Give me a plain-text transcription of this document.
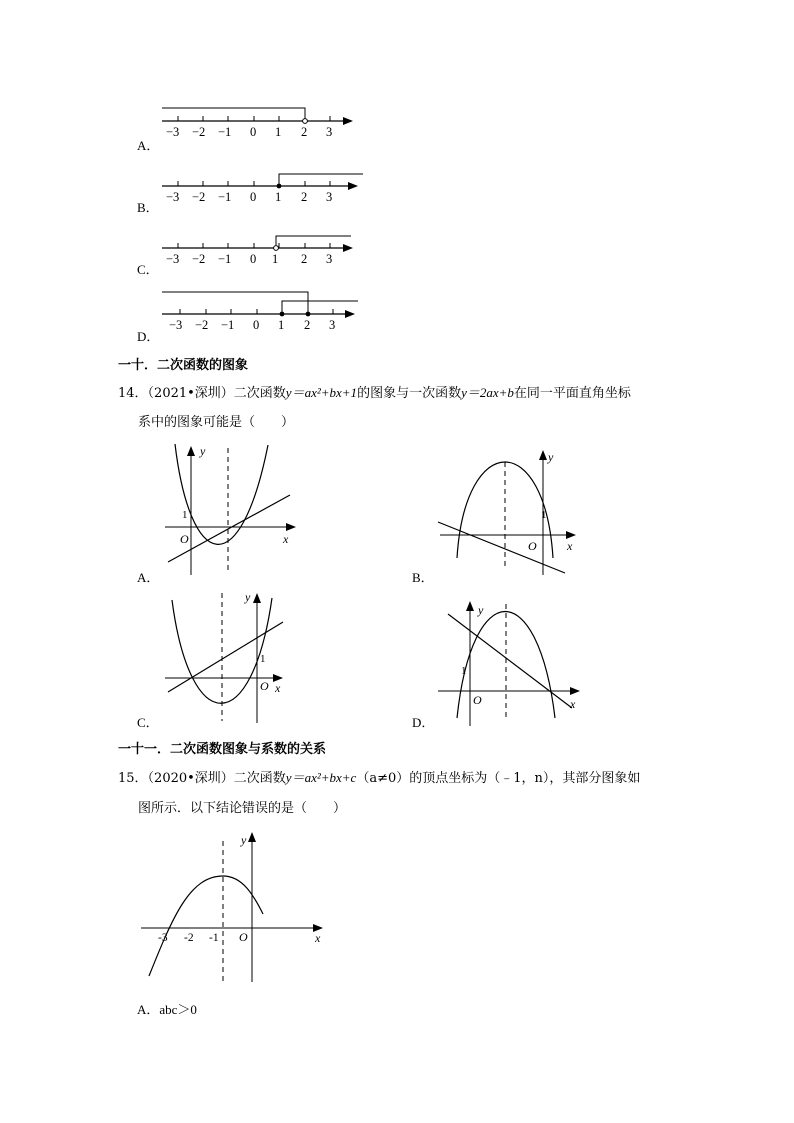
A．
B．
C．
D．
−3 −2 −1 0 1 2 3
−3 −2 −1 0 1 2 3
−3 −2 −1 0 1 2 3
−3 −2 −1 0 1 2 3
一十．二次函数的图象
14．（2021•深圳）二次函数y＝ax²+bx+1的图象与一次函数y＝2ax+b在同一平面直角坐标
系中的图象可能是（　　）
A．	B．
C．	D．
y
x
O
1
y
x
O
1
y
x
O
1
y
x
O
1
一十一．二次函数图象与系数的关系
15．（2020•深圳）二次函数y＝ax²+bx+c（a≠0）的顶点坐标为（﹣1，n），其部分图象如
图所示．以下结论错误的是（　　）
-3 -2 -1 O
y
x
A．abc＞0
